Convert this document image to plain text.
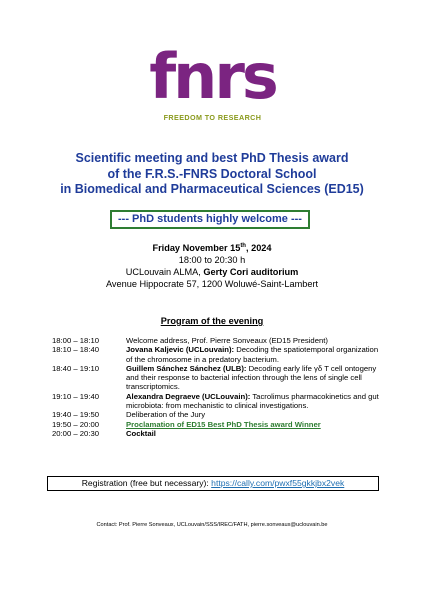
fnrs
FREEDOM TO RESEARCH
Scientific meeting and best PhD Thesis award
of the F.R.S.-FNRS Doctoral School
in Biomedical and Pharmaceutical Sciences (ED15)
--- PhD students highly welcome ---
Friday November 15th, 2024
18:00 to 20:30 h
UCLouvain ALMA, Gerty Cori auditorium
Avenue Hippocrate 57, 1200 Woluwé-Saint-Lambert
Program of the evening
18:00 – 18:10	Welcome address, Prof. Pierre Sonveaux (ED15 President)
18:10 – 18:40	Jovana Kaljevic (UCLouvain): Decoding the spatiotemporal organization of the chromosome in a predatory bacterium.
18:40 – 19:10	Guillem Sánchez Sánchez (ULB): Decoding early life γδ T cell ontogeny and their response to bacterial infection through the lens of single cell transcriptomics.
19:10 – 19:40	Alexandra Degraeve (UCLouvain): Tacrolimus pharmacokinetics and gut microbiota: from mechanistic to clinical investigations.
19:40 – 19:50	Deliberation of the Jury
19:50 – 20:00	Proclamation of ED15 Best PhD Thesis award Winner
20:00 – 20:30	Cocktail
Registration (free but necessary): https://cally.com/pwxf55gkkjbx2vek
Contact: Prof. Pierre Sonveaux, UCLouvain/SSS/IREC/FATH, pierre.sonveaux@uclouvain.be
